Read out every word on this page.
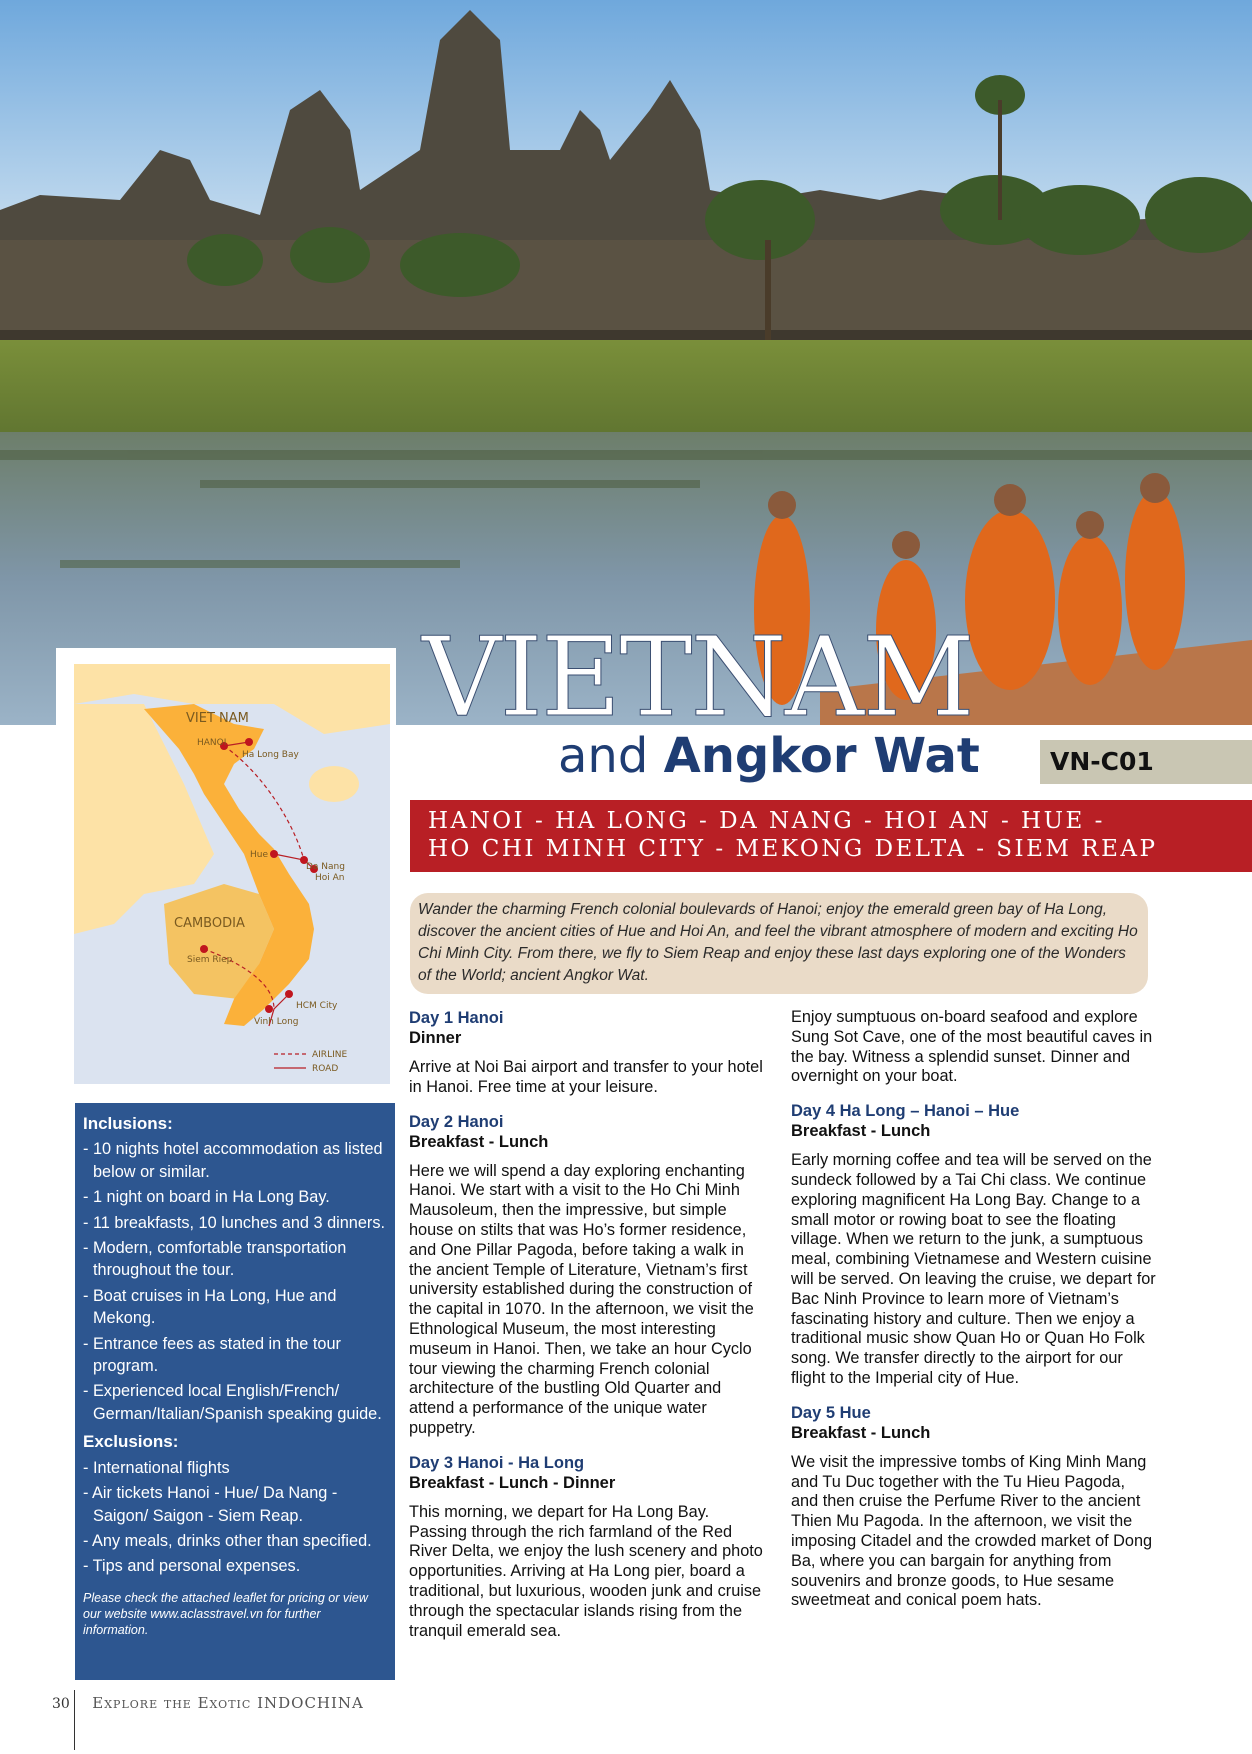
VIET NAM
HANOI
Ha Long Bay
Hue
Da Nang
Hoi An
CAMBODIA
Siem Riep
HCM City
Vinh Long
AIRLINE
ROAD
VIETNAM
and Angkor Wat	VN-C01
HANOI - HA LONG - DA NANG - HOI AN - HUE -
HO CHI MINH CITY - MEKONG DELTA - SIEM REAP
Wander the charming French colonial boulevards of Hanoi; enjoy the emerald green bay of Ha Long, discover the ancient cities of Hue and Hoi An, and feel the vibrant atmosphere of modern and exciting Ho Chi Minh City. From there, we fly to Siem Reap and enjoy these last days exploring one of the Wonders of the World; ancient Angkor Wat.
Day 1 Hanoi
Dinner
Arrive at Noi Bai airport and transfer to your hotel in Hanoi. Free time at your leisure.
Day 2 Hanoi
Breakfast - Lunch
Here we will spend a day exploring enchanting Hanoi. We start with a visit to the Ho Chi Minh Mausoleum, then the impressive, but simple house on stilts that was Ho’s former residence, and One Pillar Pagoda, before taking a walk in the ancient Temple of Literature, Vietnam’s first university established during the construction of the capital in 1070. In the afternoon, we visit the Ethnological Museum, the most interesting museum in Hanoi. Then, we take an hour Cyclo tour viewing the charming French colonial architecture of the bustling Old Quarter and attend a performance of the unique water puppetry.
Day 3 Hanoi - Ha Long
Breakfast - Lunch - Dinner
This morning, we depart for Ha Long Bay. Passing through the rich farmland of the Red River Delta, we enjoy the lush scenery and photo opportunities. Arriving at Ha Long pier, board a traditional, but luxurious, wooden junk and cruise through the spectacular islands rising from the tranquil emerald sea.
Enjoy sumptuous on-board seafood and explore Sung Sot Cave, one of the most beautiful caves in the bay. Witness a splendid sunset. Dinner and overnight on your boat.
Day 4 Ha Long – Hanoi – Hue
Breakfast - Lunch
Early morning coffee and tea will be served on the sundeck followed by a Tai Chi class. We continue exploring magnificent Ha Long Bay. Change to a small motor or rowing boat to see the floating village. When we return to the junk, a sumptuous meal, combining Vietnamese and Western cuisine will be served. On leaving the cruise, we depart for Bac Ninh Province to learn more of Vietnam’s fascinating history and culture. Then we enjoy a traditional music show Quan Ho or Quan Ho Folk song. We transfer directly to the airport for our flight to the Imperial city of Hue.
Day 5 Hue
Breakfast - Lunch
We visit the impressive tombs of King Minh Mang and Tu Duc together with the Tu Hieu Pagoda, and then cruise the Perfume River to the ancient Thien Mu Pagoda. In the afternoon, we visit the imposing Citadel and the crowded market of Dong Ba, where you can bargain for anything from souvenirs and bronze goods, to Hue sesame sweetmeat and conical poem hats.
Inclusions:
- 10 nights hotel accommodation as listed below or similar.
- 1 night on board in Ha Long Bay.
- 11 breakfasts, 10 lunches and 3 dinners.
- Modern, comfortable transportation throughout the tour.
- Boat cruises in Ha Long, Hue and Mekong.
- Entrance fees as stated in the tour program.
- Experienced local English/French/ German/Italian/Spanish speaking guide.
Exclusions:
- International flights
- Air tickets Hanoi - Hue/ Da Nang - Saigon/ Saigon - Siem Reap.
- Any meals, drinks other than specified.
- Tips and personal expenses.
Please check the attached leaflet for pricing or view our website www.aclasstravel.vn for further information.
30 Explore the Exotic INDOCHINA
